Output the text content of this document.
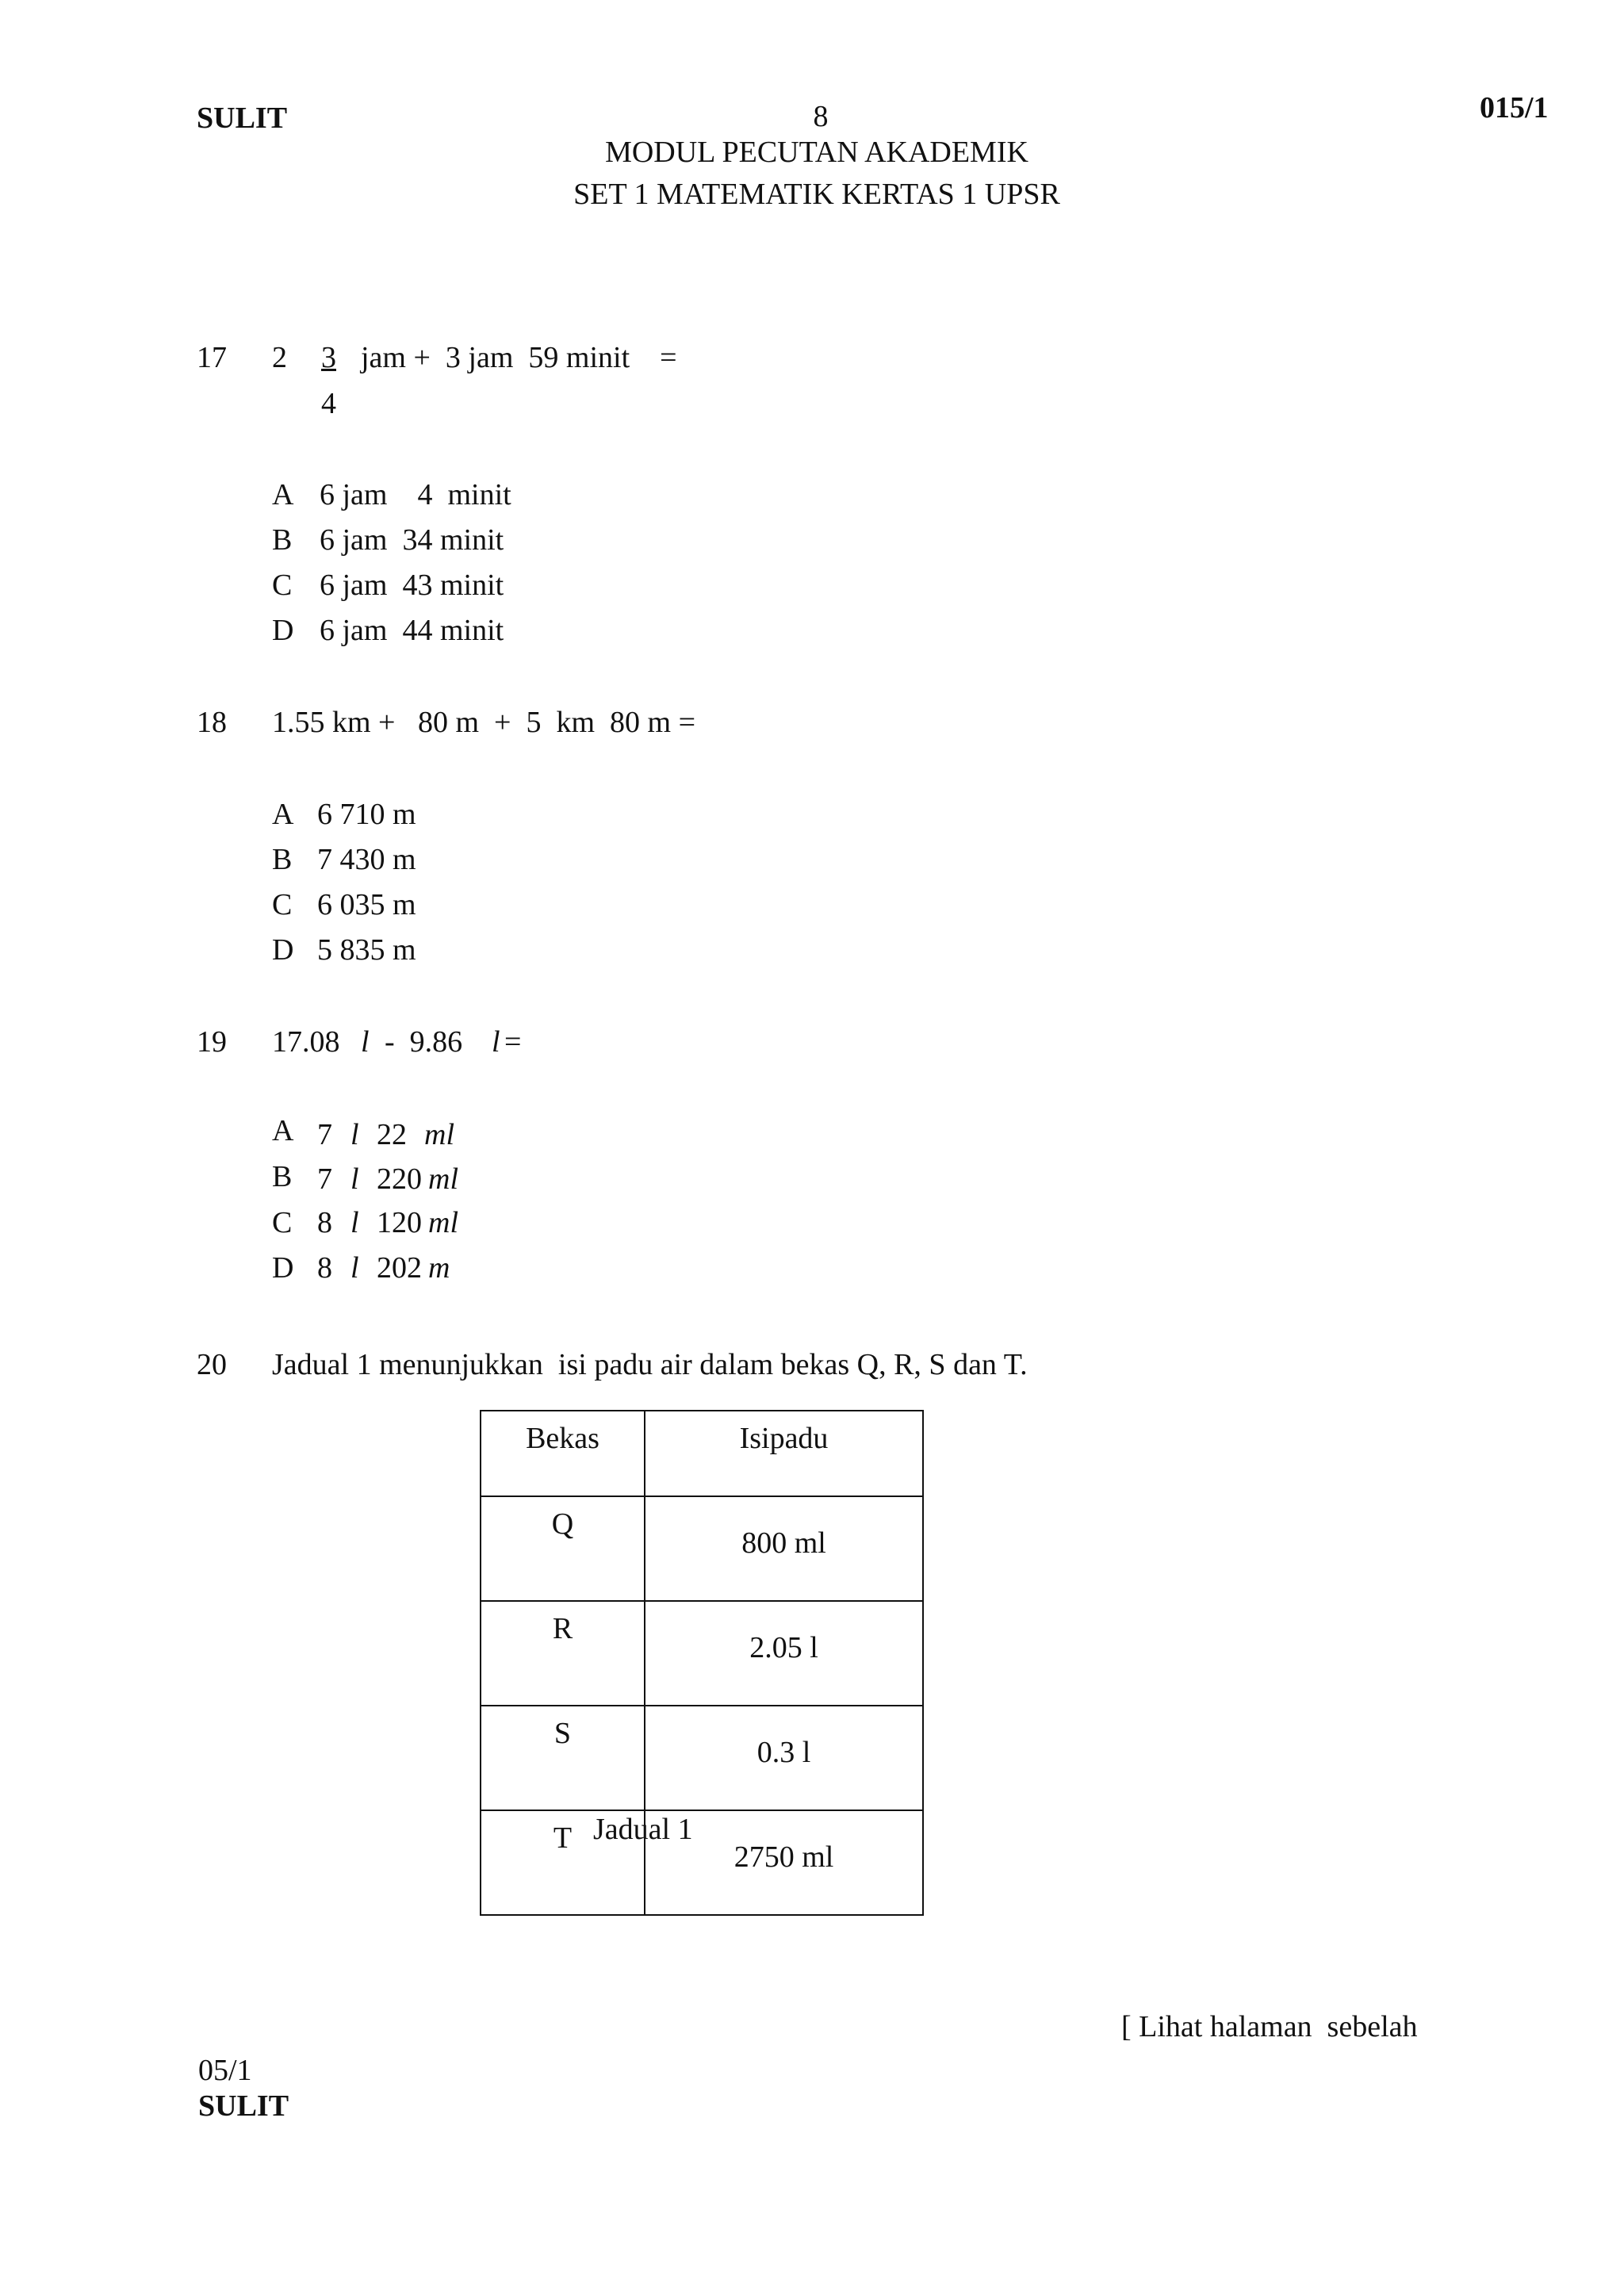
SULIT	8	015/1
MODUL PECUTAN AKADEMIK
SET 1 MATEMATIK KERTAS 1 UPSR
17 2 3
4
jam +  3 jam  59 minit    =
A 6 jam    4  minit
B 6 jam  34 minit
C 6 jam  43 minit
D 6 jam  44 minit
18 1.55 km +   80 m  +  5  km  80 m =
A 6 710 m
B 7 430 m
C 6 035 m
D 5 835 m
19 17.08 l -  9.86 l =
A 7 l 22 ml
B 7 l 220 ml
C 8 l 120 ml
D 8 l 202 m
20 Jadual 1 menunjukkan  isi padu air dalam bekas Q, R, S dan T.
Bekas	Isipadu
Q	800 ml
R	2.05 l
S	0.3 l
T	2750 ml
Jadual 1
[ Lihat halaman  sebelah
05/1
SULIT
